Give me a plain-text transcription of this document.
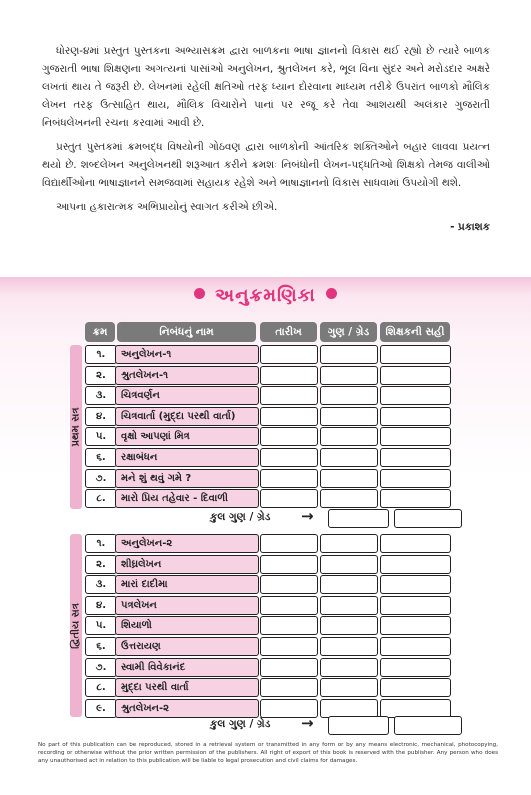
ધોરણ-૪માં પ્રસ્તુત પુસ્તકના અભ્યાસક્રમ દ્વારા બાળકના ભાષા જ્ઞાનનો વિકાસ થઈ રહ્યો છે ત્યારે બાળક ગુજરાતી ભાષા શિક્ષણના અગત્યનાં પાસાંઓ અનુલેખન, શ્રુતલેખન કરે, ભૂલ વિના સુંદર અને મરોડદાર અક્ષરે લખતાં થાય તે જરૂરી છે. લેખનમાં રહેલી ક્ષતિઓ તરફ ધ્યાન દોરવાના માધ્યમ તરીકે ઉપરાંત બાળકો મૌલિક લેખન તરફ ઉત્સાહિત થાય, મૌલિક વિચારોને પાનાં પર રજૂ કરે તેવા આશયથી અલંકાર ગુજરાતી નિબંધલેખનની રચના કરવામાં આવી છે.

પ્રસ્તુત પુસ્તકમાં ક્રમબદ્ધ વિષયોની ગોઠવણ દ્વારા બાળકોની આંતરિક શક્તિઓને બહાર લાવવા પ્રયત્ન થયો છે. શબ્દલેખન અનુલેખનથી શરૂઆત કરીને ક્રમશઃ નિબંધોની લેખન-પદ્ધતિઓ શિક્ષકો તેમજ વાલીઓ વિદ્યાર્થીઓના ભાષાજ્ઞાનને સમજવામાં સહાયક રહેશે અને ભાષાજ્ઞાનનો વિકાસ સાધવામાં ઉપયોગી થશે.

આપના હકારાત્મક અભિપ્રાયોનું સ્વાગત કરીએ છીએ.

- પ્રકાશક
અનુક્રમણિકા
ક્રમ	નિબંધનું નામ	તારીખ	ગુણ / ગ્રેડ	શિક્ષકની સહી
પ્રથમ સત્ર
૧.	અનુલેખન-૧
૨.	શ્રુતલેખન-૧
૩.	ચિત્રવર્ણન
૪.	ચિત્રવાર્તા (મુદ્દા પરથી વાર્તા)
૫.	વૃક્ષો આપણાં મિત્ર
૬.	રક્ષાબંધન
૭.	મને શું થવું ગમે ?
૮.	મારો પ્રિય તહેવાર - દિવાળી
કુલ ગુણ / ગ્રેડ →
દ્વિતીય સત્ર
૧.	અનુલેખન-૨
૨.	શીઘ્રલેખન
૩.	મારાં દાદીમા
૪.	પત્રલેખન
૫.	શિયાળો
૬.	ઉત્તરાયણ
૭.	સ્વામી વિવેકાનંદ
૮.	મુદ્દા પરથી વાર્તા
૯.	શ્રુતલેખન-૨
કુલ ગુણ / ગ્રેડ →
No part of this publication can be reproduced, stored in a retrieval system or transmitted in any form or by any means electronic, mechanical, photocopying, recording or otherwise without the prior written permission of the publishers. All right of export of this book is reserved with the publisher. Any person who does any unauthorised act in relation to this publication will be liable to legal prosecution and civil claims for damages.
